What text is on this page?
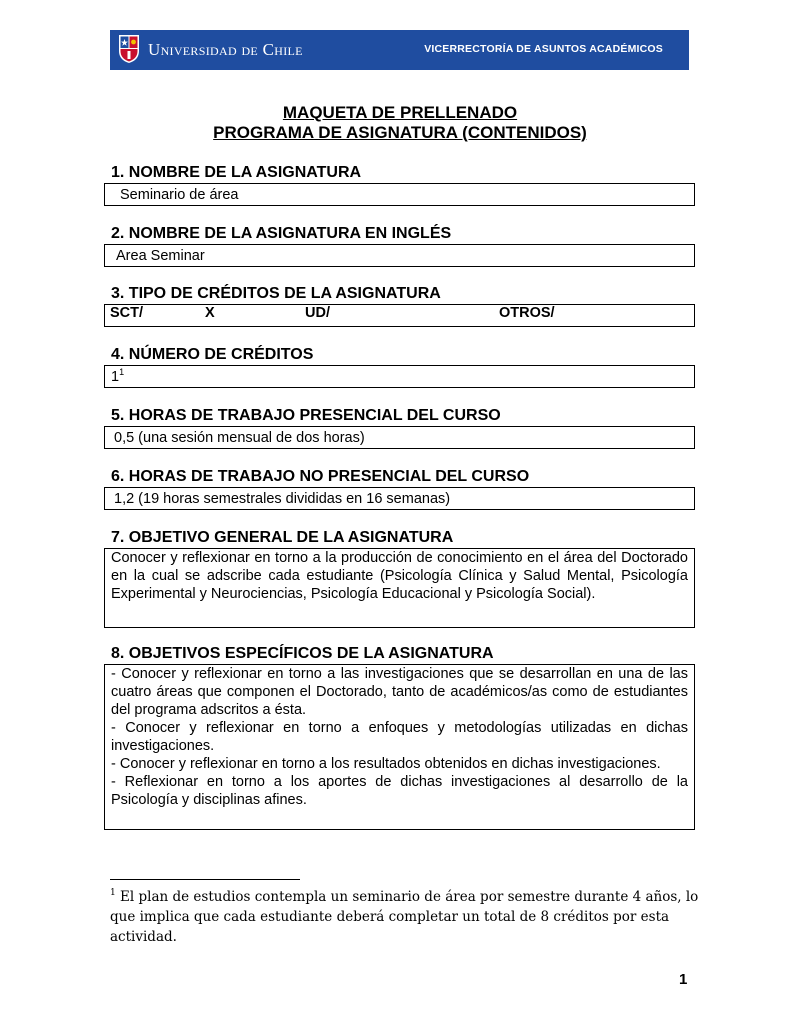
Universidad de Chile	VICERRECTORÍA DE ASUNTOS ACADÉMICOS
MAQUETA DE PRELLENADO
PROGRAMA DE ASIGNATURA (CONTENIDOS)
1. NOMBRE DE LA ASIGNATURA
Seminario de área
2. NOMBRE DE LA ASIGNATURA EN INGLÉS
Area Seminar
3. TIPO DE CRÉDITOS DE LA ASIGNATURA
SCT/	X	UD/	OTROS/
4. NÚMERO DE CRÉDITOS
$1^1$
5. HORAS DE TRABAJO PRESENCIAL DEL CURSO
0,5 (una sesión mensual de dos horas)
6. HORAS DE TRABAJO NO PRESENCIAL DEL CURSO
1,2 (19 horas semestrales divididas en 16 semanas)
7. OBJETIVO GENERAL DE LA ASIGNATURA

Conocer y reflexionar en torno a la producción de conocimiento en el área del Doctorado en la cual se adscribe cada estudiante (Psicología Clínica y Salud Mental, Psicología Experimental y Neurociencias, Psicología Educacional y Psicología Social).

8. OBJETIVOS ESPECÍFICOS DE LA ASIGNATURA

- Conocer y reflexionar en torno a las investigaciones que se desarrollan en una de las cuatro áreas que componen el Doctorado, tanto de académicos/as como de estudiantes del programa adscritos a ésta.

- Conocer y reflexionar en torno a enfoques y metodologías utilizadas en dichas investigaciones.

- Conocer y reflexionar en torno a los resultados obtenidos en dichas investigaciones.

- Reflexionar en torno a los aportes de dichas investigaciones al desarrollo de la Psicología y disciplinas afines.

$^1$ El plan de estudios contempla un seminario de área por semestre durante 4 años, lo que implica que cada estudiante deberá completar un total de 8 créditos por esta actividad.
1
